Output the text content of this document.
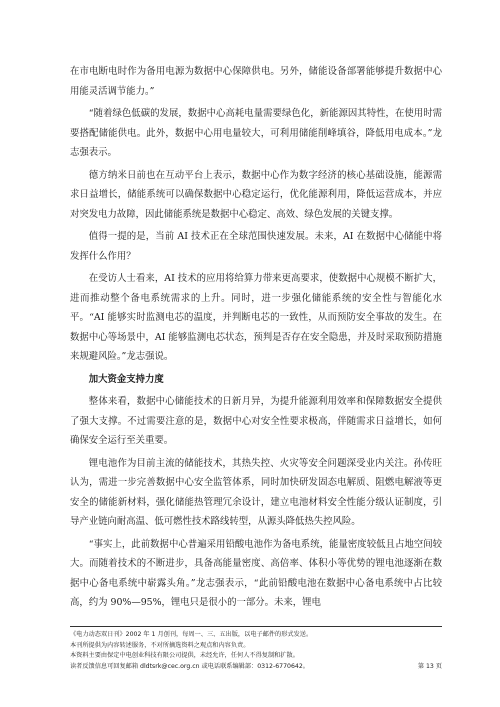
在市电断电时作为备用电源为数据中心保障供电。另外，储能设备部署能够提升数据中心用能灵活调节能力。”

“随着绿色低碳的发展，数据中心高耗电量需要绿色化，新能源因其特性，在使用时需要搭配储能供电。此外，数据中心用电量较大，可利用储能削峰填谷，降低用电成本。”龙志强表示。

德方纳米日前也在互动平台上表示，数据中心作为数字经济的核心基础设施，能源需求日益增长，储能系统可以确保数据中心稳定运行，优化能源利用，降低运营成本，并应对突发电力故障，因此储能系统是数据中心稳定、高效、绿色发展的关键支撑。

值得一提的是，当前 AI 技术正在全球范围快速发展。未来，AI 在数据中心储能中将发挥什么作用？

在受访人士看来，AI 技术的应用将给算力带来更高要求，使数据中心规模不断扩大，进而推动整个备电系统需求的上升。同时，进一步强化储能系统的安全性与智能化水平。“AI 能够实时监测电芯的温度，并判断电芯的一致性，从而预防安全事故的发生。在数据中心等场景中，AI 能够监测电芯状态，预判是否存在安全隐患，并及时采取预防措施来规避风险。”龙志强说。

加大资金支持力度

整体来看，数据中心储能技术的日新月异，为提升能源利用效率和保障数据安全提供了强大支撑。不过需要注意的是，数据中心对安全性要求极高，伴随需求日益增长，如何确保安全运行至关重要。

锂电池作为目前主流的储能技术，其热失控、火灾等安全问题深受业内关注。孙传旺认为，需进一步完善数据中心安全监管体系，同时加快研发固态电解质、阻燃电解液等更安全的储能新材料，强化储能热管理冗余设计，建立电池材料安全性能分级认证制度，引导产业链向耐高温、低可燃性技术路线转型，从源头降低热失控风险。

“事实上，此前数据中心普遍采用铅酸电池作为备电系统，能量密度较低且占地空间较大。而随着技术的不断进步，具备高能量密度、高倍率、体积小等优势的锂电池逐渐在数据中心备电系统中崭露头角。”龙志强表示，“此前铅酸电池在数据中心备电系统中占比较高，约为 90%—95%，锂电只是很小的一部分。未来，锂电

《电力动态双日刊》2002 年 1 月创刊，每周一、三、五出版，以电子邮件的形式发送。
本刊所提供为内容转述服务，不对所摘选资料之观点和内容负责。
本资料主要由保定中电创业科技有限公司提供，未经允许，任何人不得复制和扩散。
读者反馈信息可回复邮箱 dldtsrk@cec.org.cn 或电话联系编辑部：0312-6770642。	第 13 页
